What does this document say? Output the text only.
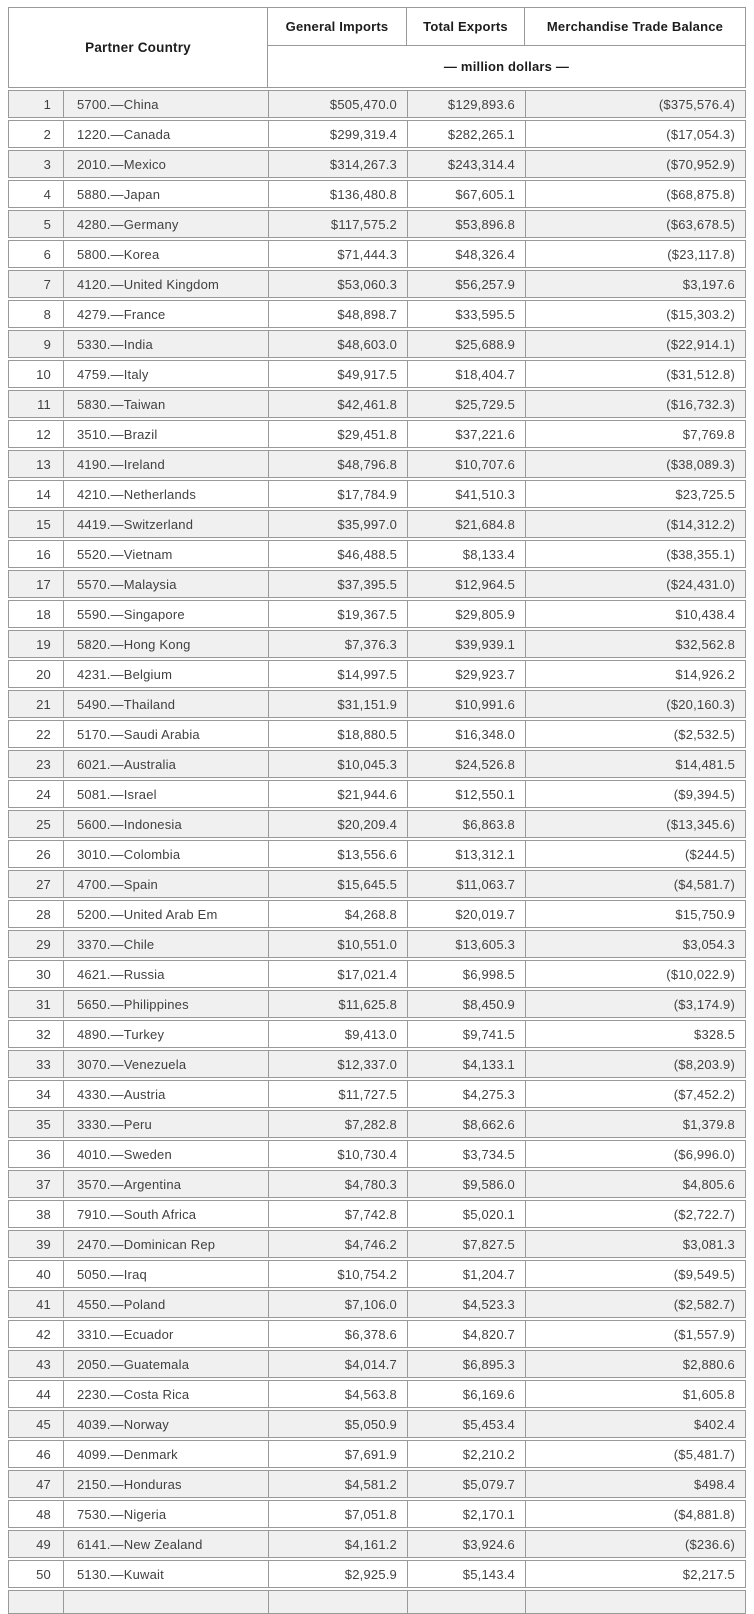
Partner Country
General Imports	Total Exports	Merchandise Trade Balance
— million dollars —
1	5700.—China	$505,470.0	$129,893.6	($375,576.4)
2	1220.—Canada	$299,319.4	$282,265.1	($17,054.3)
3	2010.—Mexico	$314,267.3	$243,314.4	($70,952.9)
4	5880.—Japan	$136,480.8	$67,605.1	($68,875.8)
5	4280.—Germany	$117,575.2	$53,896.8	($63,678.5)
6	5800.—Korea	$71,444.3	$48,326.4	($23,117.8)
7	4120.—United Kingdom	$53,060.3	$56,257.9	$3,197.6
8	4279.—France	$48,898.7	$33,595.5	($15,303.2)
9	5330.—India	$48,603.0	$25,688.9	($22,914.1)
10	4759.—Italy	$49,917.5	$18,404.7	($31,512.8)
11	5830.—Taiwan	$42,461.8	$25,729.5	($16,732.3)
12	3510.—Brazil	$29,451.8	$37,221.6	$7,769.8
13	4190.—Ireland	$48,796.8	$10,707.6	($38,089.3)
14	4210.—Netherlands	$17,784.9	$41,510.3	$23,725.5
15	4419.—Switzerland	$35,997.0	$21,684.8	($14,312.2)
16	5520.—Vietnam	$46,488.5	$8,133.4	($38,355.1)
17	5570.—Malaysia	$37,395.5	$12,964.5	($24,431.0)
18	5590.—Singapore	$19,367.5	$29,805.9	$10,438.4
19	5820.—Hong Kong	$7,376.3	$39,939.1	$32,562.8
20	4231.—Belgium	$14,997.5	$29,923.7	$14,926.2
21	5490.—Thailand	$31,151.9	$10,991.6	($20,160.3)
22	5170.—Saudi Arabia	$18,880.5	$16,348.0	($2,532.5)
23	6021.—Australia	$10,045.3	$24,526.8	$14,481.5
24	5081.—Israel	$21,944.6	$12,550.1	($9,394.5)
25	5600.—Indonesia	$20,209.4	$6,863.8	($13,345.6)
26	3010.—Colombia	$13,556.6	$13,312.1	($244.5)
27	4700.—Spain	$15,645.5	$11,063.7	($4,581.7)
28	5200.—United Arab Em	$4,268.8	$20,019.7	$15,750.9
29	3370.—Chile	$10,551.0	$13,605.3	$3,054.3
30	4621.—Russia	$17,021.4	$6,998.5	($10,022.9)
31	5650.—Philippines	$11,625.8	$8,450.9	($3,174.9)
32	4890.—Turkey	$9,413.0	$9,741.5	$328.5
33	3070.—Venezuela	$12,337.0	$4,133.1	($8,203.9)
34	4330.—Austria	$11,727.5	$4,275.3	($7,452.2)
35	3330.—Peru	$7,282.8	$8,662.6	$1,379.8
36	4010.—Sweden	$10,730.4	$3,734.5	($6,996.0)
37	3570.—Argentina	$4,780.3	$9,586.0	$4,805.6
38	7910.—South Africa	$7,742.8	$5,020.1	($2,722.7)
39	2470.—Dominican Rep	$4,746.2	$7,827.5	$3,081.3
40	5050.—Iraq	$10,754.2	$1,204.7	($9,549.5)
41	4550.—Poland	$7,106.0	$4,523.3	($2,582.7)
42	3310.—Ecuador	$6,378.6	$4,820.7	($1,557.9)
43	2050.—Guatemala	$4,014.7	$6,895.3	$2,880.6
44	2230.—Costa Rica	$4,563.8	$6,169.6	$1,605.8
45	4039.—Norway	$5,050.9	$5,453.4	$402.4
46	4099.—Denmark	$7,691.9	$2,210.2	($5,481.7)
47	2150.—Honduras	$4,581.2	$5,079.7	$498.4
48	7530.—Nigeria	$7,051.8	$2,170.1	($4,881.8)
49	6141.—New Zealand	$4,161.2	$3,924.6	($236.6)
50	5130.—Kuwait	$2,925.9	$5,143.4	$2,217.5
